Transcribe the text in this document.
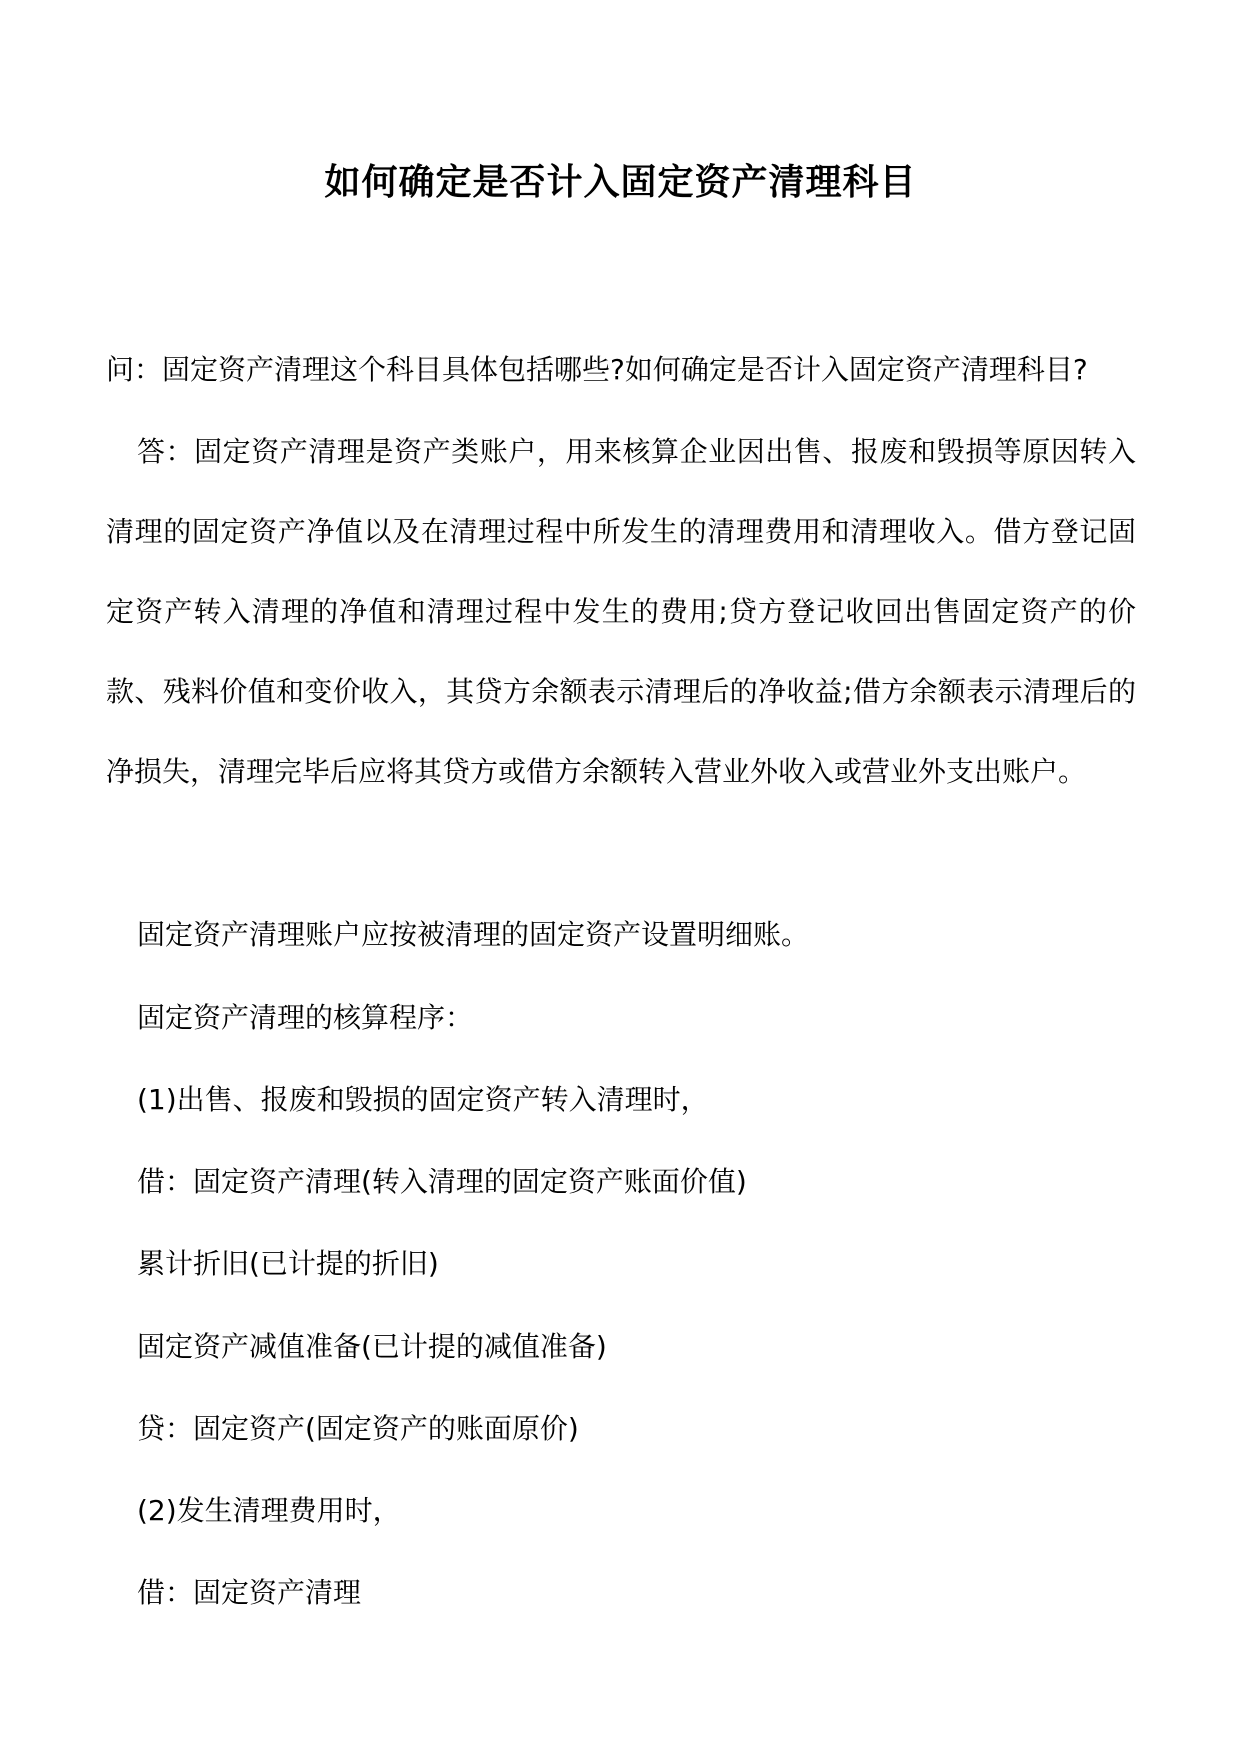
如何确定是否计入固定资产清理科目
问：固定资产清理这个科目具体包括哪些?如何确定是否计入固定资产清理科目?
答：固定资产清理是资产类账户，用来核算企业因出售、报废和毁损等原因转入清理的固定资产净值以及在清理过程中所发生的清理费用和清理收入。借方登记固定资产转入清理的净值和清理过程中发生的费用;贷方登记收回出售固定资产的价款、残料价值和变价收入，其贷方余额表示清理后的净收益;借方余额表示清理后的净损失，清理完毕后应将其贷方或借方余额转入营业外收入或营业外支出账户。
固定资产清理账户应按被清理的固定资产设置明细账。
固定资产清理的核算程序：
(1)出售、报废和毁损的固定资产转入清理时，
借：固定资产清理(转入清理的固定资产账面价值)
累计折旧(已计提的折旧)
固定资产减值准备(已计提的减值准备)
贷：固定资产(固定资产的账面原价)
(2)发生清理费用时，
借：固定资产清理
